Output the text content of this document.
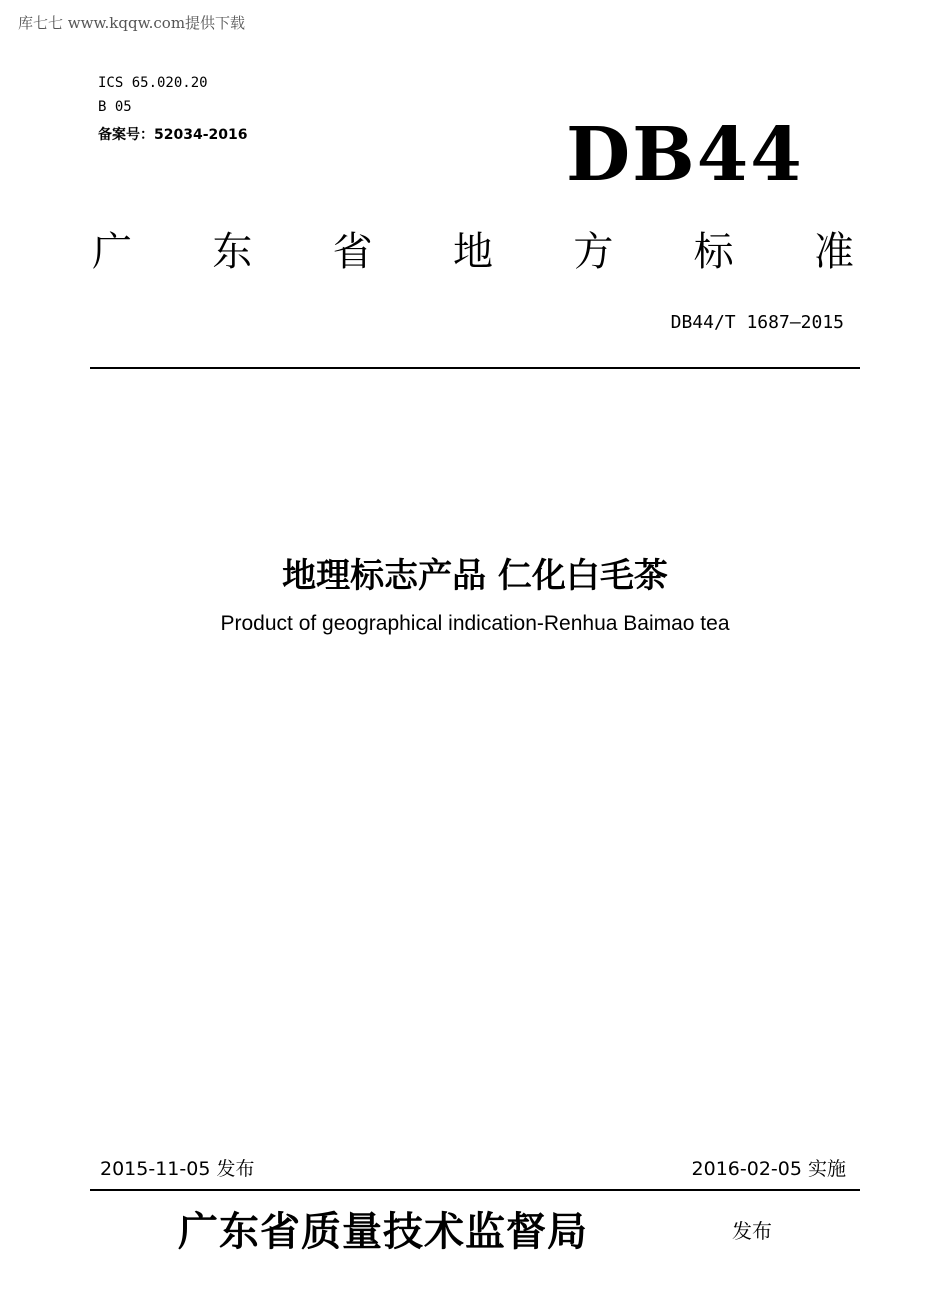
库七七 www.kqqw.com提供下载
ICS 65.020.20
B 05
备案号：52034-2016	DB44
广 东 省 地 方 标 准
DB44/T 1687—2015
地理标志产品 仁化白毛茶
Product of geographical indication-Renhua Baimao tea
2015-11-05 发布	2016-02-05 实施
广东省质量技术监督局	发布
